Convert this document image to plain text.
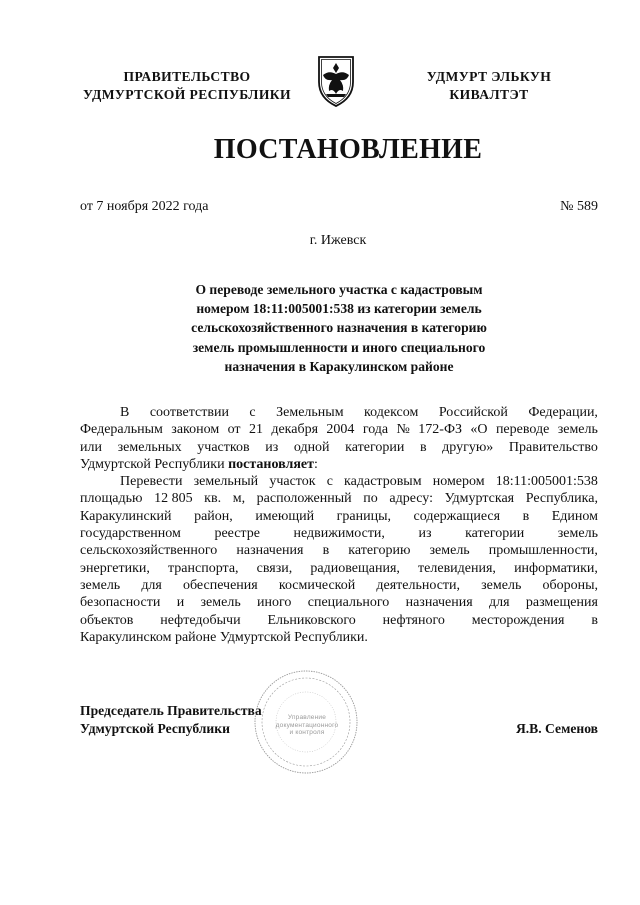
ПРАВИТЕЛЬСТВО
УДМУРТСКОЙ РЕСПУБЛИКИ
УДМУРТ ЭЛЬКУН
КИВАЛТЭТ
ПОСТАНОВЛЕНИЕ
от 7 ноября 2022 года	№ 589
г. Ижевск
О переводе земельного участка с кадастровым
номером 18:11:005001:538 из категории земель
сельскохозяйственного назначения в категорию
земель промышленности и иного специального
назначения в Каракулинском районе
В соответствии с Земельным кодексом Российской Федерации,
Федеральным законом от 21 декабря 2004 года № 172-ФЗ «О переводе земель
или земельных участков из одной категории в другую» Правительство
Удмуртской Республики постановляет:
Перевести земельный участок с кадастровым номером 18:11:005001:538
площадью 12 805 кв. м, расположенный по адресу: Удмуртская Республика,
Каракулинский район, имеющий границы, содержащиеся в Едином
государственном реестре недвижимости, из категории земель
сельскохозяйственного назначения в категорию земель промышленности,
энергетики, транспорта, связи, радиовещания, телевидения, информатики,
земель для обеспечения космической деятельности, земель обороны,
безопасности и земель иного специального назначения для размещения
объектов нефтедобычи Ельниковского нефтяного месторождения в
Каракулинском районе Удмуртской Республики.
Председатель Правительства
Удмуртской Республики	Я.В. Семенов
Управление
документационного
и контроля
